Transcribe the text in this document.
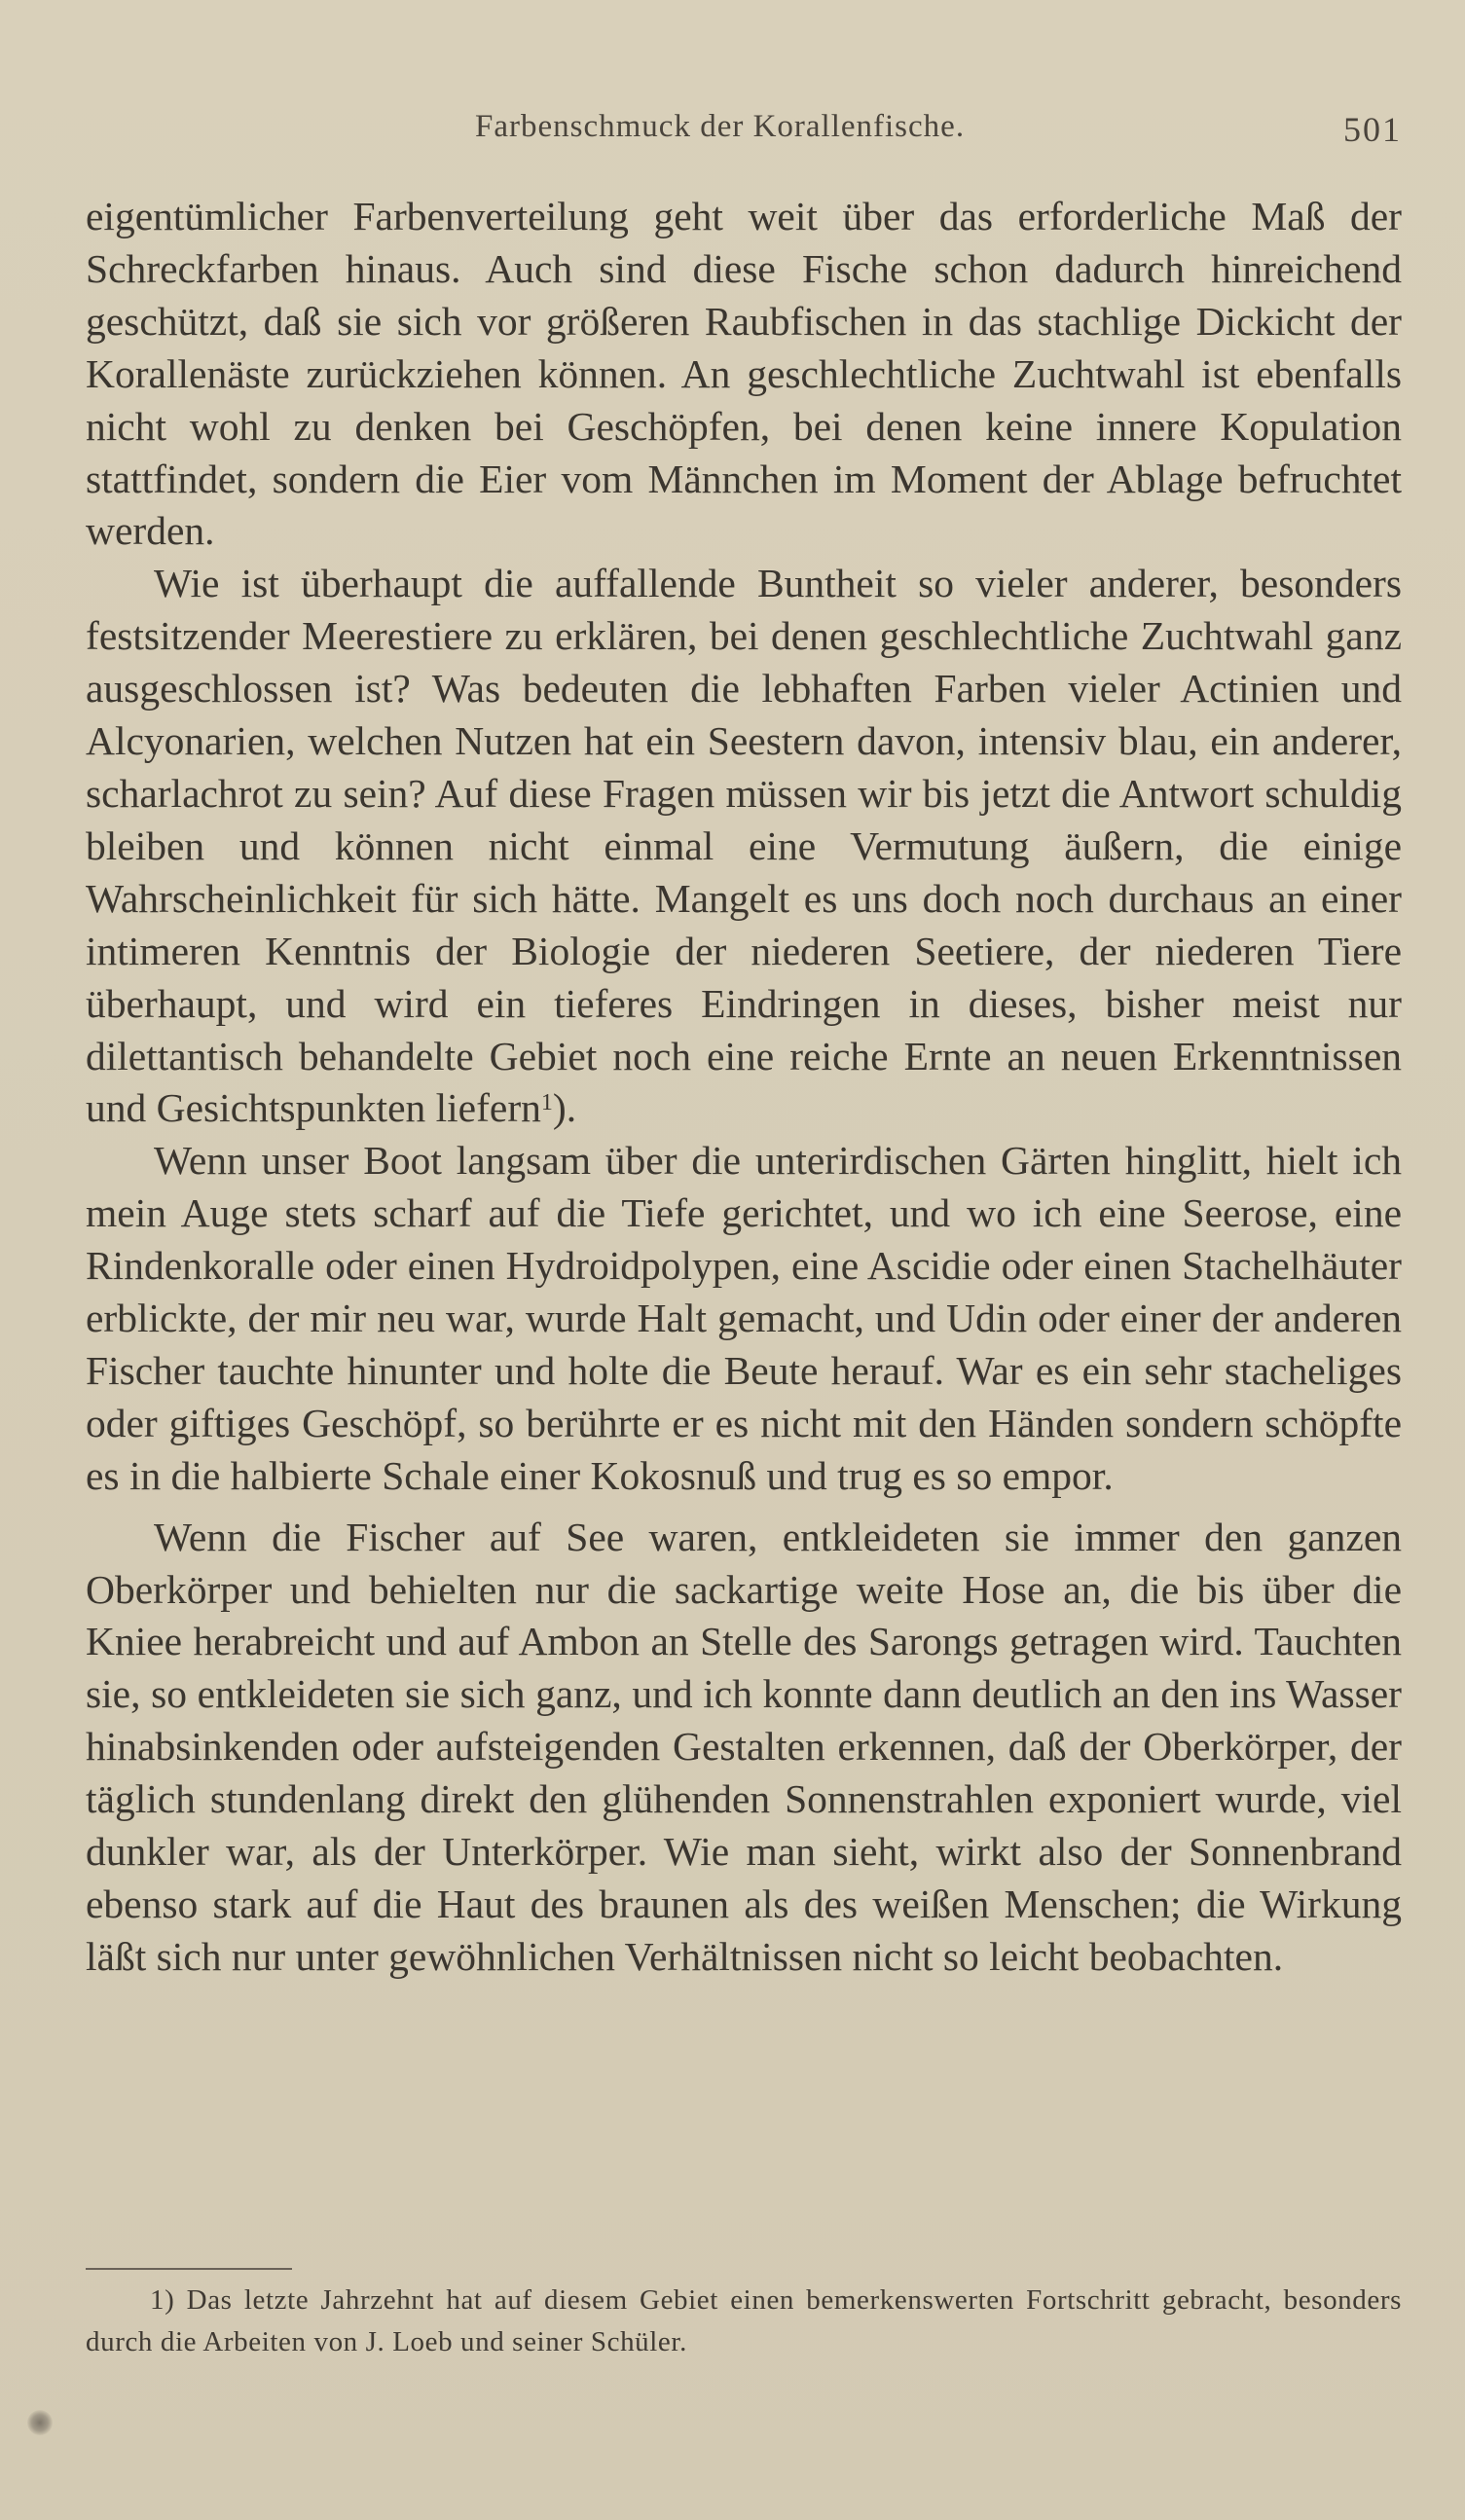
Farbenschmuck der Korallenfische.	501

eigentümlicher Farbenverteilung geht weit über das erforderliche Maß der Schreckfarben hinaus. Auch sind diese Fische schon dadurch hinreichend geschützt, daß sie sich vor größeren Raubfischen in das stachlige Dickicht der Korallenäste zurückziehen können. An geschlechtliche Zuchtwahl ist ebenfalls nicht wohl zu denken bei Geschöpfen, bei denen keine innere Kopulation stattfindet, sondern die Eier vom Männchen im Moment der Ablage befruchtet werden.

Wie ist überhaupt die auffallende Buntheit so vieler anderer, besonders festsitzender Meerestiere zu erklären, bei denen geschlechtliche Zuchtwahl ganz ausgeschlossen ist? Was bedeuten die lebhaften Farben vieler Actinien und Alcyonarien, welchen Nutzen hat ein Seestern davon, intensiv blau, ein anderer, scharlachrot zu sein? Auf diese Fragen müssen wir bis jetzt die Antwort schuldig bleiben und können nicht einmal eine Vermutung äußern, die einige Wahrscheinlichkeit für sich hätte. Mangelt es uns doch noch durchaus an einer intimeren Kenntnis der Biologie der niederen Seetiere, der niederen Tiere überhaupt, und wird ein tieferes Eindringen in dieses, bisher meist nur dilettantisch behandelte Gebiet noch eine reiche Ernte an neuen Erkenntnissen und Gesichtspunkten liefern$^1$).

Wenn unser Boot langsam über die unterirdischen Gärten hinglitt, hielt ich mein Auge stets scharf auf die Tiefe gerichtet, und wo ich eine Seerose, eine Rindenkoralle oder einen Hydroidpolypen, eine Ascidie oder einen Stachelhäuter erblickte, der mir neu war, wurde Halt gemacht, und Udin oder einer der anderen Fischer tauchte hinunter und holte die Beute herauf. War es ein sehr stacheliges oder giftiges Geschöpf, so berührte er es nicht mit den Händen sondern schöpfte es in die halbierte Schale einer Kokosnuß und trug es so empor.

Wenn die Fischer auf See waren, entkleideten sie immer den ganzen Oberkörper und behielten nur die sackartige weite Hose an, die bis über die Kniee herabreicht und auf Ambon an Stelle des Sarongs getragen wird. Tauchten sie, so entkleideten sie sich ganz, und ich konnte dann deutlich an den ins Wasser hinabsinkenden oder aufsteigenden Gestalten erkennen, daß der Oberkörper, der täglich stundenlang direkt den glühenden Sonnenstrahlen exponiert wurde, viel dunkler war, als der Unterkörper. Wie man sieht, wirkt also der Sonnenbrand ebenso stark auf die Haut des braunen als des weißen Menschen; die Wirkung läßt sich nur unter gewöhnlichen Verhältnissen nicht so leicht beobachten.

1) Das letzte Jahrzehnt hat auf diesem Gebiet einen bemerkenswerten Fortschritt gebracht, besonders durch die Arbeiten von J. Loeb und seiner Schüler.
